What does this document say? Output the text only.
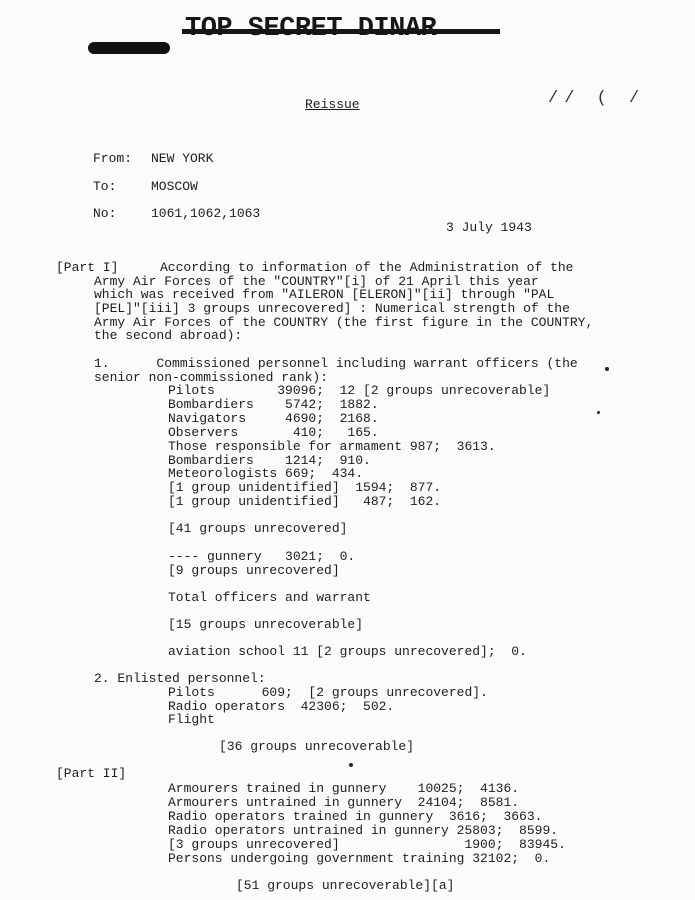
Reissue	// ( /
From: NEW YORK
To:	MOSCOW
No:	1061,1062,1063
3 July 1943
[Part I]	According to information of the Administration of the
Army Air Forces of the "COUNTRY"[i] of 21 April this year
which was received from "AILERON [ELERON]"[ii] through "PAL
[PEL]"[iii] 3 groups unrecovered] : Numerical strength of the
Army Air Forces of the COUNTRY (the first figure in the COUNTRY,
the second abroad):
1.      Commissioned personnel including warrant officers (the
senior non-commissioned rank):
Pilots        39096;  12 [2 groups unrecoverable]
Bombardiers    5742;  1882.
Navigators     4690;  2168.
Observers       410;   165.
Those responsible for armament 987;  3613.
Bombardiers    1214;  910.
Meteorologists 669;  434.
[1 group unidentified]  1594;  877.
[1 group unidentified]   487;  162.
[41 groups unrecovered]
---- gunnery   3021;  0.
[9 groups unrecovered]
Total officers and warrant
[15 groups unrecoverable]
aviation school 11 [2 groups unrecovered];  0.
2. Enlisted personnel:
Pilots      609;  [2 groups unrecovered].
Radio operators  42306;  502.
Flight
[36 groups unrecoverable]
[Part II]
Armourers trained in gunnery    10025;  4136.
Armourers untrained in gunnery  24104;  8581.
Radio operators trained in gunnery  3616;  3663.
Radio operators untrained in gunnery 25803;  8599.
[3 groups unrecovered]                1900;  83945.
Persons undergoing government training 32102;  0.
[51 groups unrecoverable][a]
